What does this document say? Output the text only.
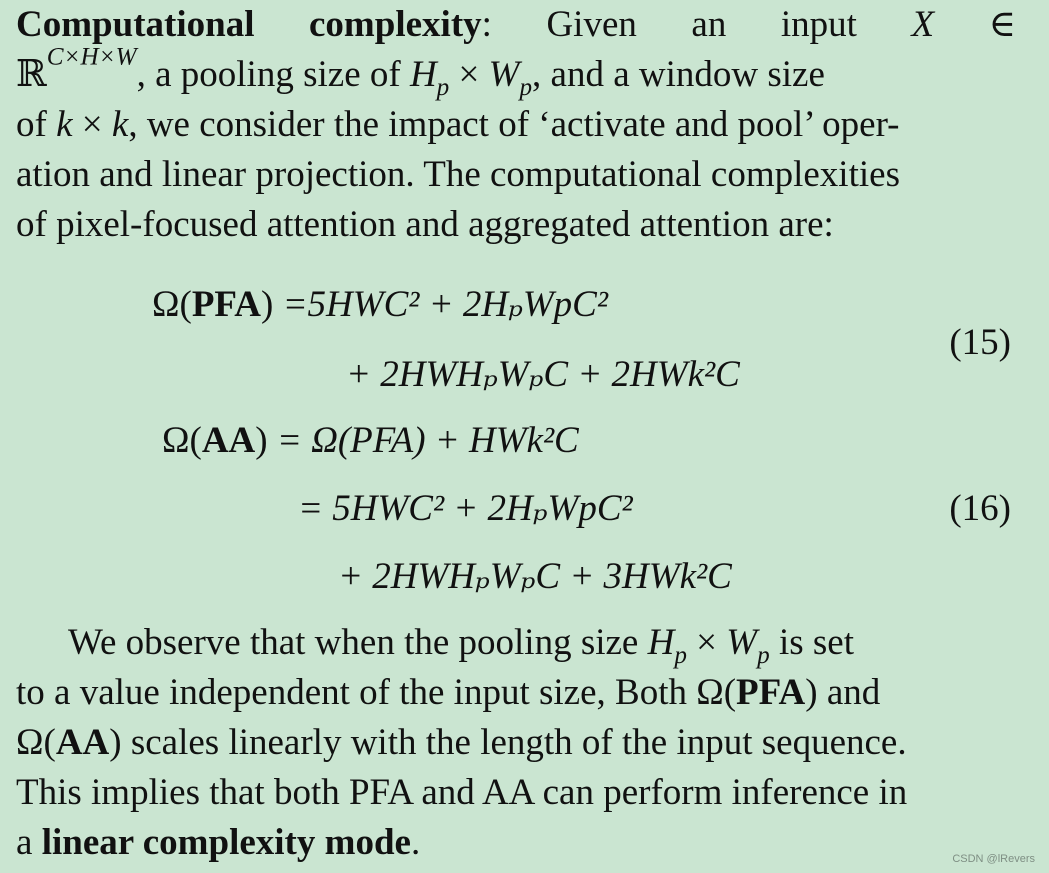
Computational complexity: Given an input X ∈
ℝ$^{C\times H\times W}$, a pooling size of $H_p \times W_p$, and a window size
of k × k, we consider the impact of ‘activate and pool’ oper-
ation and linear projection. The computational complexities
of pixel-focused attention and aggregated attention are:
Ω(PFA) =5HWC² + 2HₚWpC²
+ 2HWHₚWₚC + 2HWk²C
(15)
Ω(AA) = Ω(PFA) + HWk²C
= 5HWC² + 2HₚWpC²
+ 2HWHₚWₚC + 3HWk²C
(16)
We observe that when the pooling size $H_p \times W_p$ is set
to a value independent of the input size, Both Ω(PFA) and
Ω(AA) scales linearly with the length of the input sequence.
This implies that both PFA and AA can perform inference in
a linear complexity mode.	CSDN @lRevers
